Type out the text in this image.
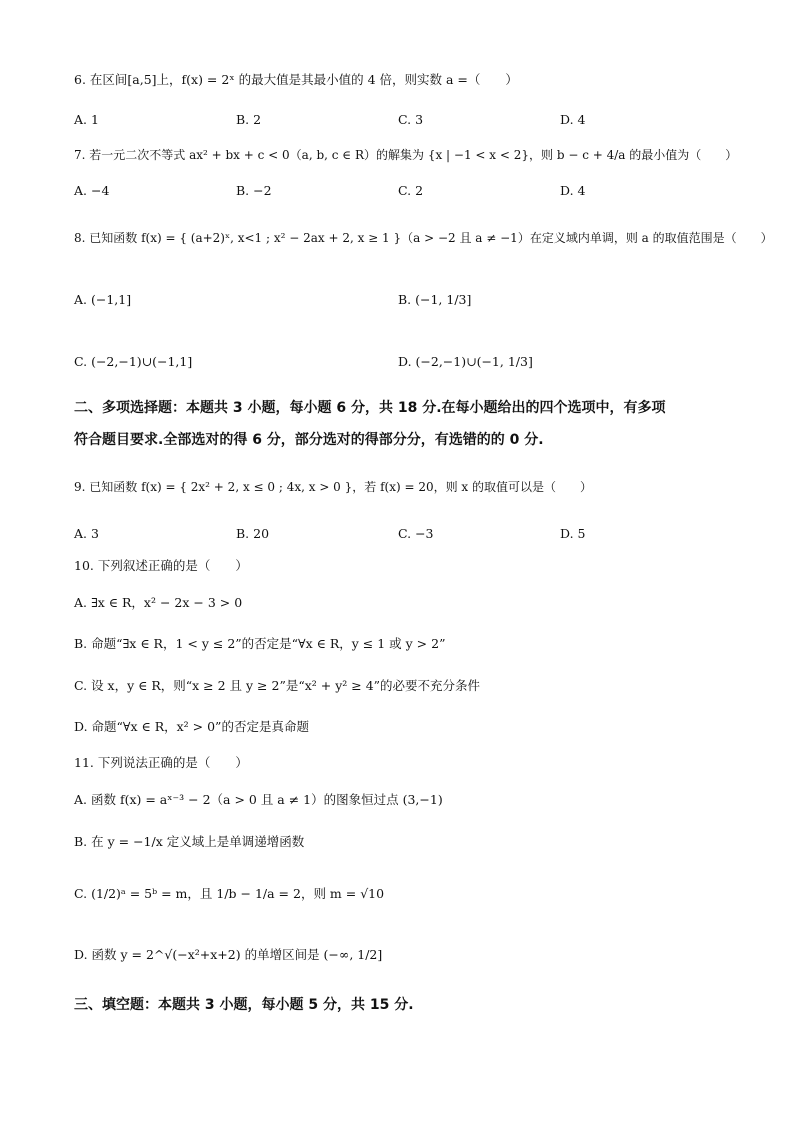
6. 在区间[a,5]上，f(x) = 2ˣ 的最大值是其最小值的 4 倍，则实数 a =（　　）
A. 1	B. 2	C. 3	D. 4
7. 若一元二次不等式 ax² + bx + c < 0（a, b, c ∈ R）的解集为 {x | −1 < x < 2}，则 b − c + 4/a 的最小值为（　　）
A. −4	B. −2	C. 2	D. 4
8. 已知函数 f(x) = { (a+2)ˣ, x<1 ; x² − 2ax + 2, x ≥ 1 }（a > −2 且 a ≠ −1）在定义域内单调，则 a 的取值范围是（　　）
A. (−1,1]	B. (−1, 1/3]
C. (−2,−1)∪(−1,1]	D. (−2,−1)∪(−1, 1/3]
二、多项选择题：本题共 3 小题，每小题 6 分，共 18 分.在每小题给出的四个选项中，有多项
符合题目要求.全部选对的得 6 分，部分选对的得部分分，有选错的的 0 分.
9. 已知函数 f(x) = { 2x² + 2, x ≤ 0 ; 4x, x > 0 }，若 f(x) = 20，则 x 的取值可以是（　　）
A. 3	B. 20	C. −3	D. 5
10. 下列叙述正确的是（　　）
A. ∃x ∈ R，x² − 2x − 3 > 0
B. 命题“∃x ∈ R，1 < y ≤ 2”的否定是“∀x ∈ R，y ≤ 1 或 y > 2”
C. 设 x，y ∈ R，则“x ≥ 2 且 y ≥ 2”是“x² + y² ≥ 4”的必要不充分条件
D. 命题“∀x ∈ R，x² > 0”的否定是真命题
11. 下列说法正确的是（　　）
A. 函数 f(x) = aˣ⁻³ − 2（a > 0 且 a ≠ 1）的图象恒过点 (3,−1)
B. 在 y = −1/x 定义域上是单调递增函数
C. (1/2)ᵃ = 5ᵇ = m，且 1/b − 1/a = 2，则 m = √10
D. 函数 y = 2^√(−x²+x+2) 的单增区间是 (−∞, 1/2]
三、填空题：本题共 3 小题，每小题 5 分，共 15 分.
